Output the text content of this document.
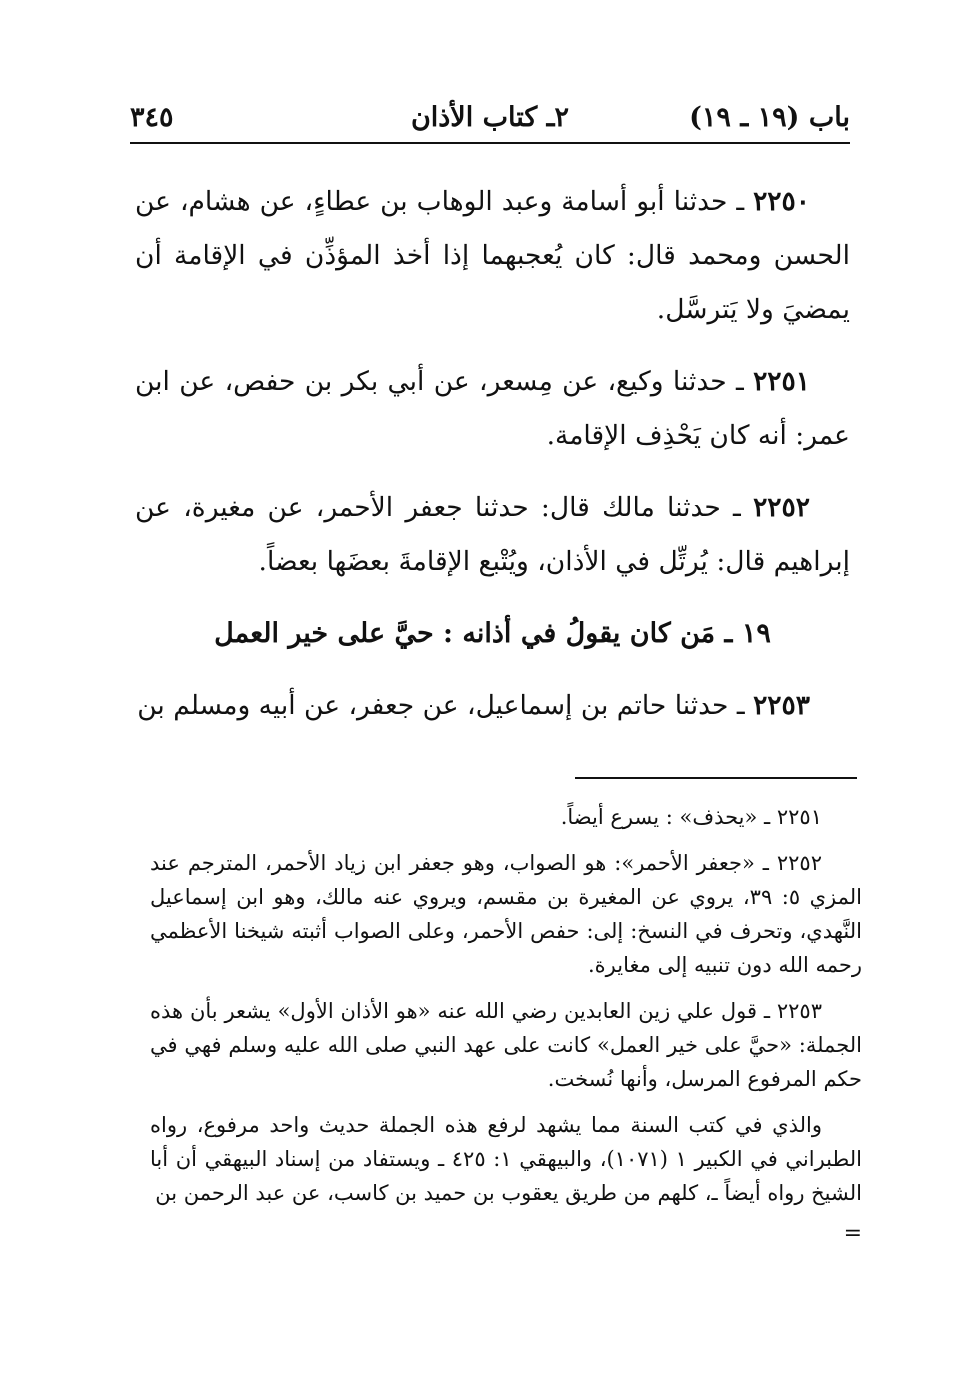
٣٤٥	٢ـ كتاب الأذان	باب (١٩ ـ ١٩)

٢٢٥٠ ـ حدثنا أبو أسامة وعبد الوهاب بن عطاءٍ، عن هشام، عن الحسن ومحمد قال: كان يُعجبهما إذا أخذ المؤذِّن في الإقامة أن يمضيَ ولا يَترسَّل.

٢٢٥١ ـ حدثنا وكيع، عن مِسعر، عن أبي بكر بن حفص، عن ابن عمر: أنه كان يَحْذِف الإقامة.

٢٢٥٢ ـ حدثنا مالك قال: حدثنا جعفر الأحمر، عن مغيرة، عن إبراهيم قال: يُرتِّل في الأذان، ويُتْبع الإقامةَ بعضَها بعضاً.

١٩ ـ مَن كان يقولُ في أذانه : حيَّ على خير العمل

٢٢٥٣ ـ حدثنا حاتم بن إسماعيل، عن جعفر، عن أبيه ومسلم بن

٢٢٥١ ـ «يحذف» : يسرع أيضاً.

٢٢٥٢ ـ «جعفر الأحمر»: هو الصواب، وهو جعفر ابن زياد الأحمر، المترجم عند المزي ٥: ٣٩، يروي عن المغيرة بن مقسم، ويروي عنه مالك، وهو ابن إسماعيل النَّهدي، وتحرف في النسخ: إلى: حفص الأحمر، وعلى الصواب أثبته شيخنا الأعظمي رحمه الله دون تنبيه إلى مغايرة.

٢٢٥٣ ـ قول علي زين العابدين رضي الله عنه «هو الأذان الأول» يشعر بأن هذه الجملة: «حيَّ على خير العمل» كانت على عهد النبي صلى الله عليه وسلم فهي في حكم المرفوع المرسل، وأنها نُسخت.

والذي في كتب السنة مما يشهد لرفع هذه الجملة حديث واحد مرفوع، رواه الطبراني في الكبير ١ (١٠٧١)، والبيهقي ١: ٤٢٥ ـ ويستفاد من إسناد البيهقي أن أبا الشيخ رواه أيضاً ـ، كلهم من طريق يعقوب بن حميد بن كاسب، عن عبد الرحمن بن

=
